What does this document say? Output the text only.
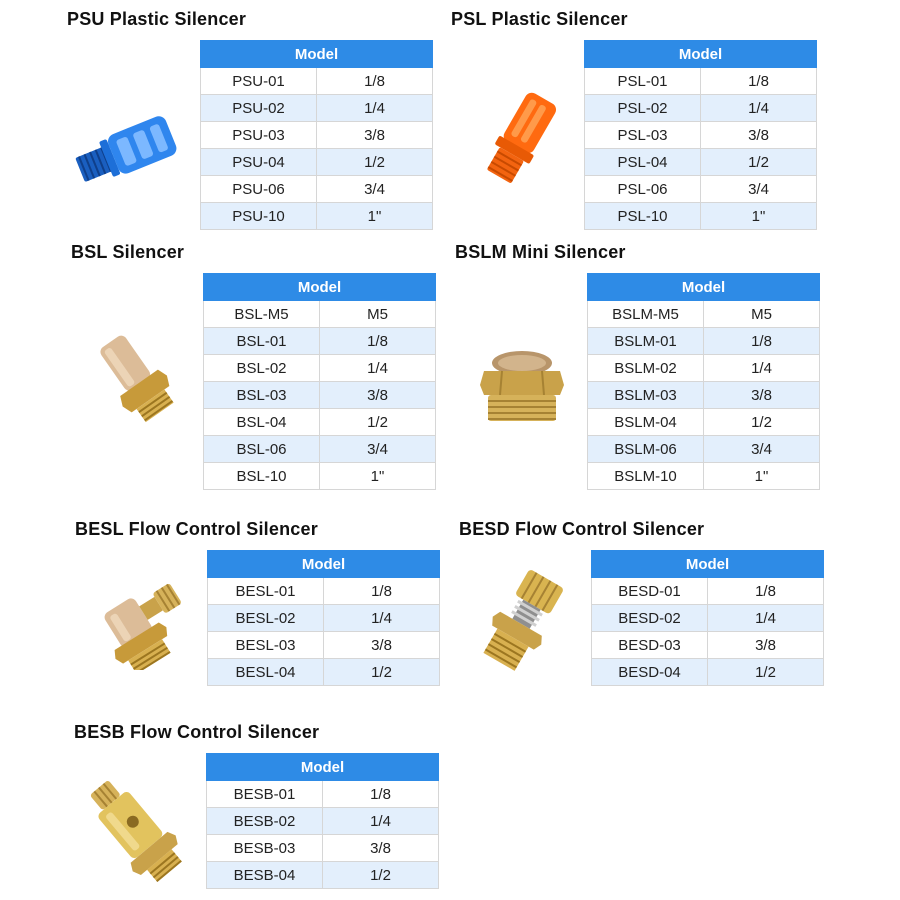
PSU Plastic Silencer	PSL Plastic Silencer
BSL Silencer	BSLM Mini Silencer
BESL Flow Control Silencer	BESD Flow Control Silencer
BESB Flow Control Silencer
Model	
PSU-01	1/8
PSU-02	1/4
PSU-03	3/8
PSU-04	1/2
PSU-06	3/4
PSU-10	1"
Model	
PSL-01	1/8
PSL-02	1/4
PSL-03	3/8
PSL-04	1/2
PSL-06	3/4
PSL-10	1"
Model	
BSL-M5	M5
BSL-01	1/8
BSL-02	1/4
BSL-03	3/8
BSL-04	1/2
BSL-06	3/4
BSL-10	1"
Model	
BSLM-M5	M5
BSLM-01	1/8
BSLM-02	1/4
BSLM-03	3/8
BSLM-04	1/2
BSLM-06	3/4
BSLM-10	1"
Model	
BESL-01	1/8
BESL-02	1/4
BESL-03	3/8
BESL-04	1/2
Model	
BESD-01	1/8
BESD-02	1/4
BESD-03	3/8
BESD-04	1/2
Model	
BESB-01	1/8
BESB-02	1/4
BESB-03	3/8
BESB-04	1/2
